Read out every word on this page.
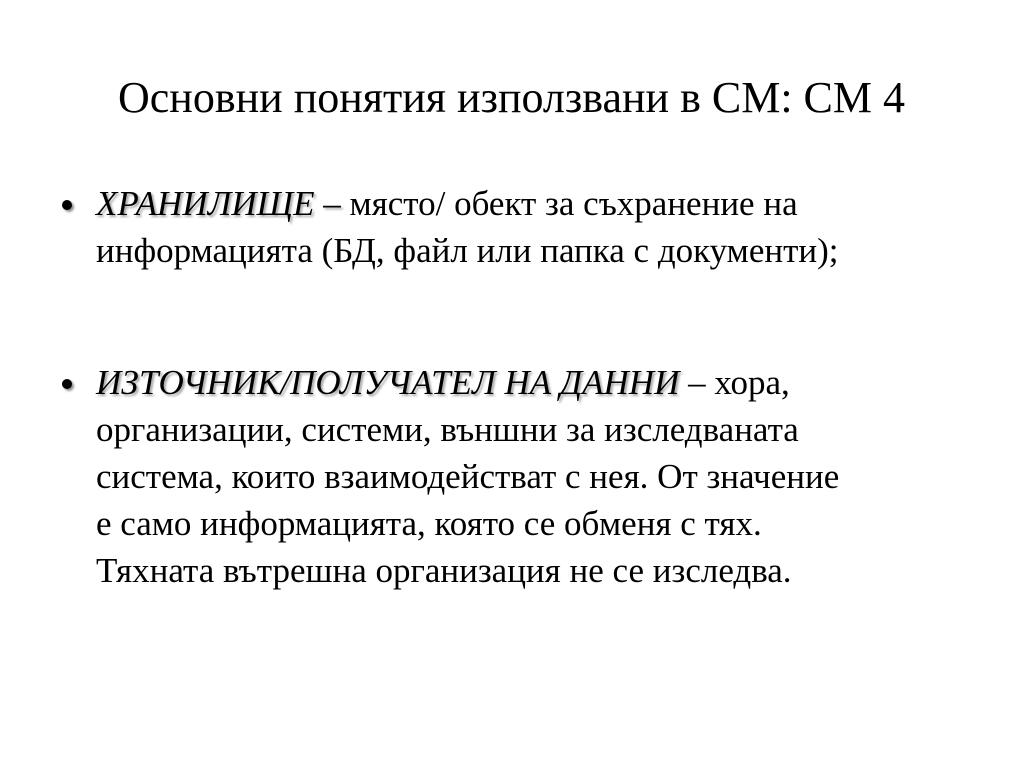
Основни понятия използвани в СМ: СМ 4
ХРАНИЛИЩЕ – място/ обект за съхранение на
информацията (БД, файл или папка с документи);
ИЗТОЧНИК/ПОЛУЧАТЕЛ НА ДАННИ – хора,
организации, системи, външни за изследваната
система, които взаимодействат с нея. От значение
е само информацията, която се обменя с тях.
Тяхната вътрешна организация не се изследва.
